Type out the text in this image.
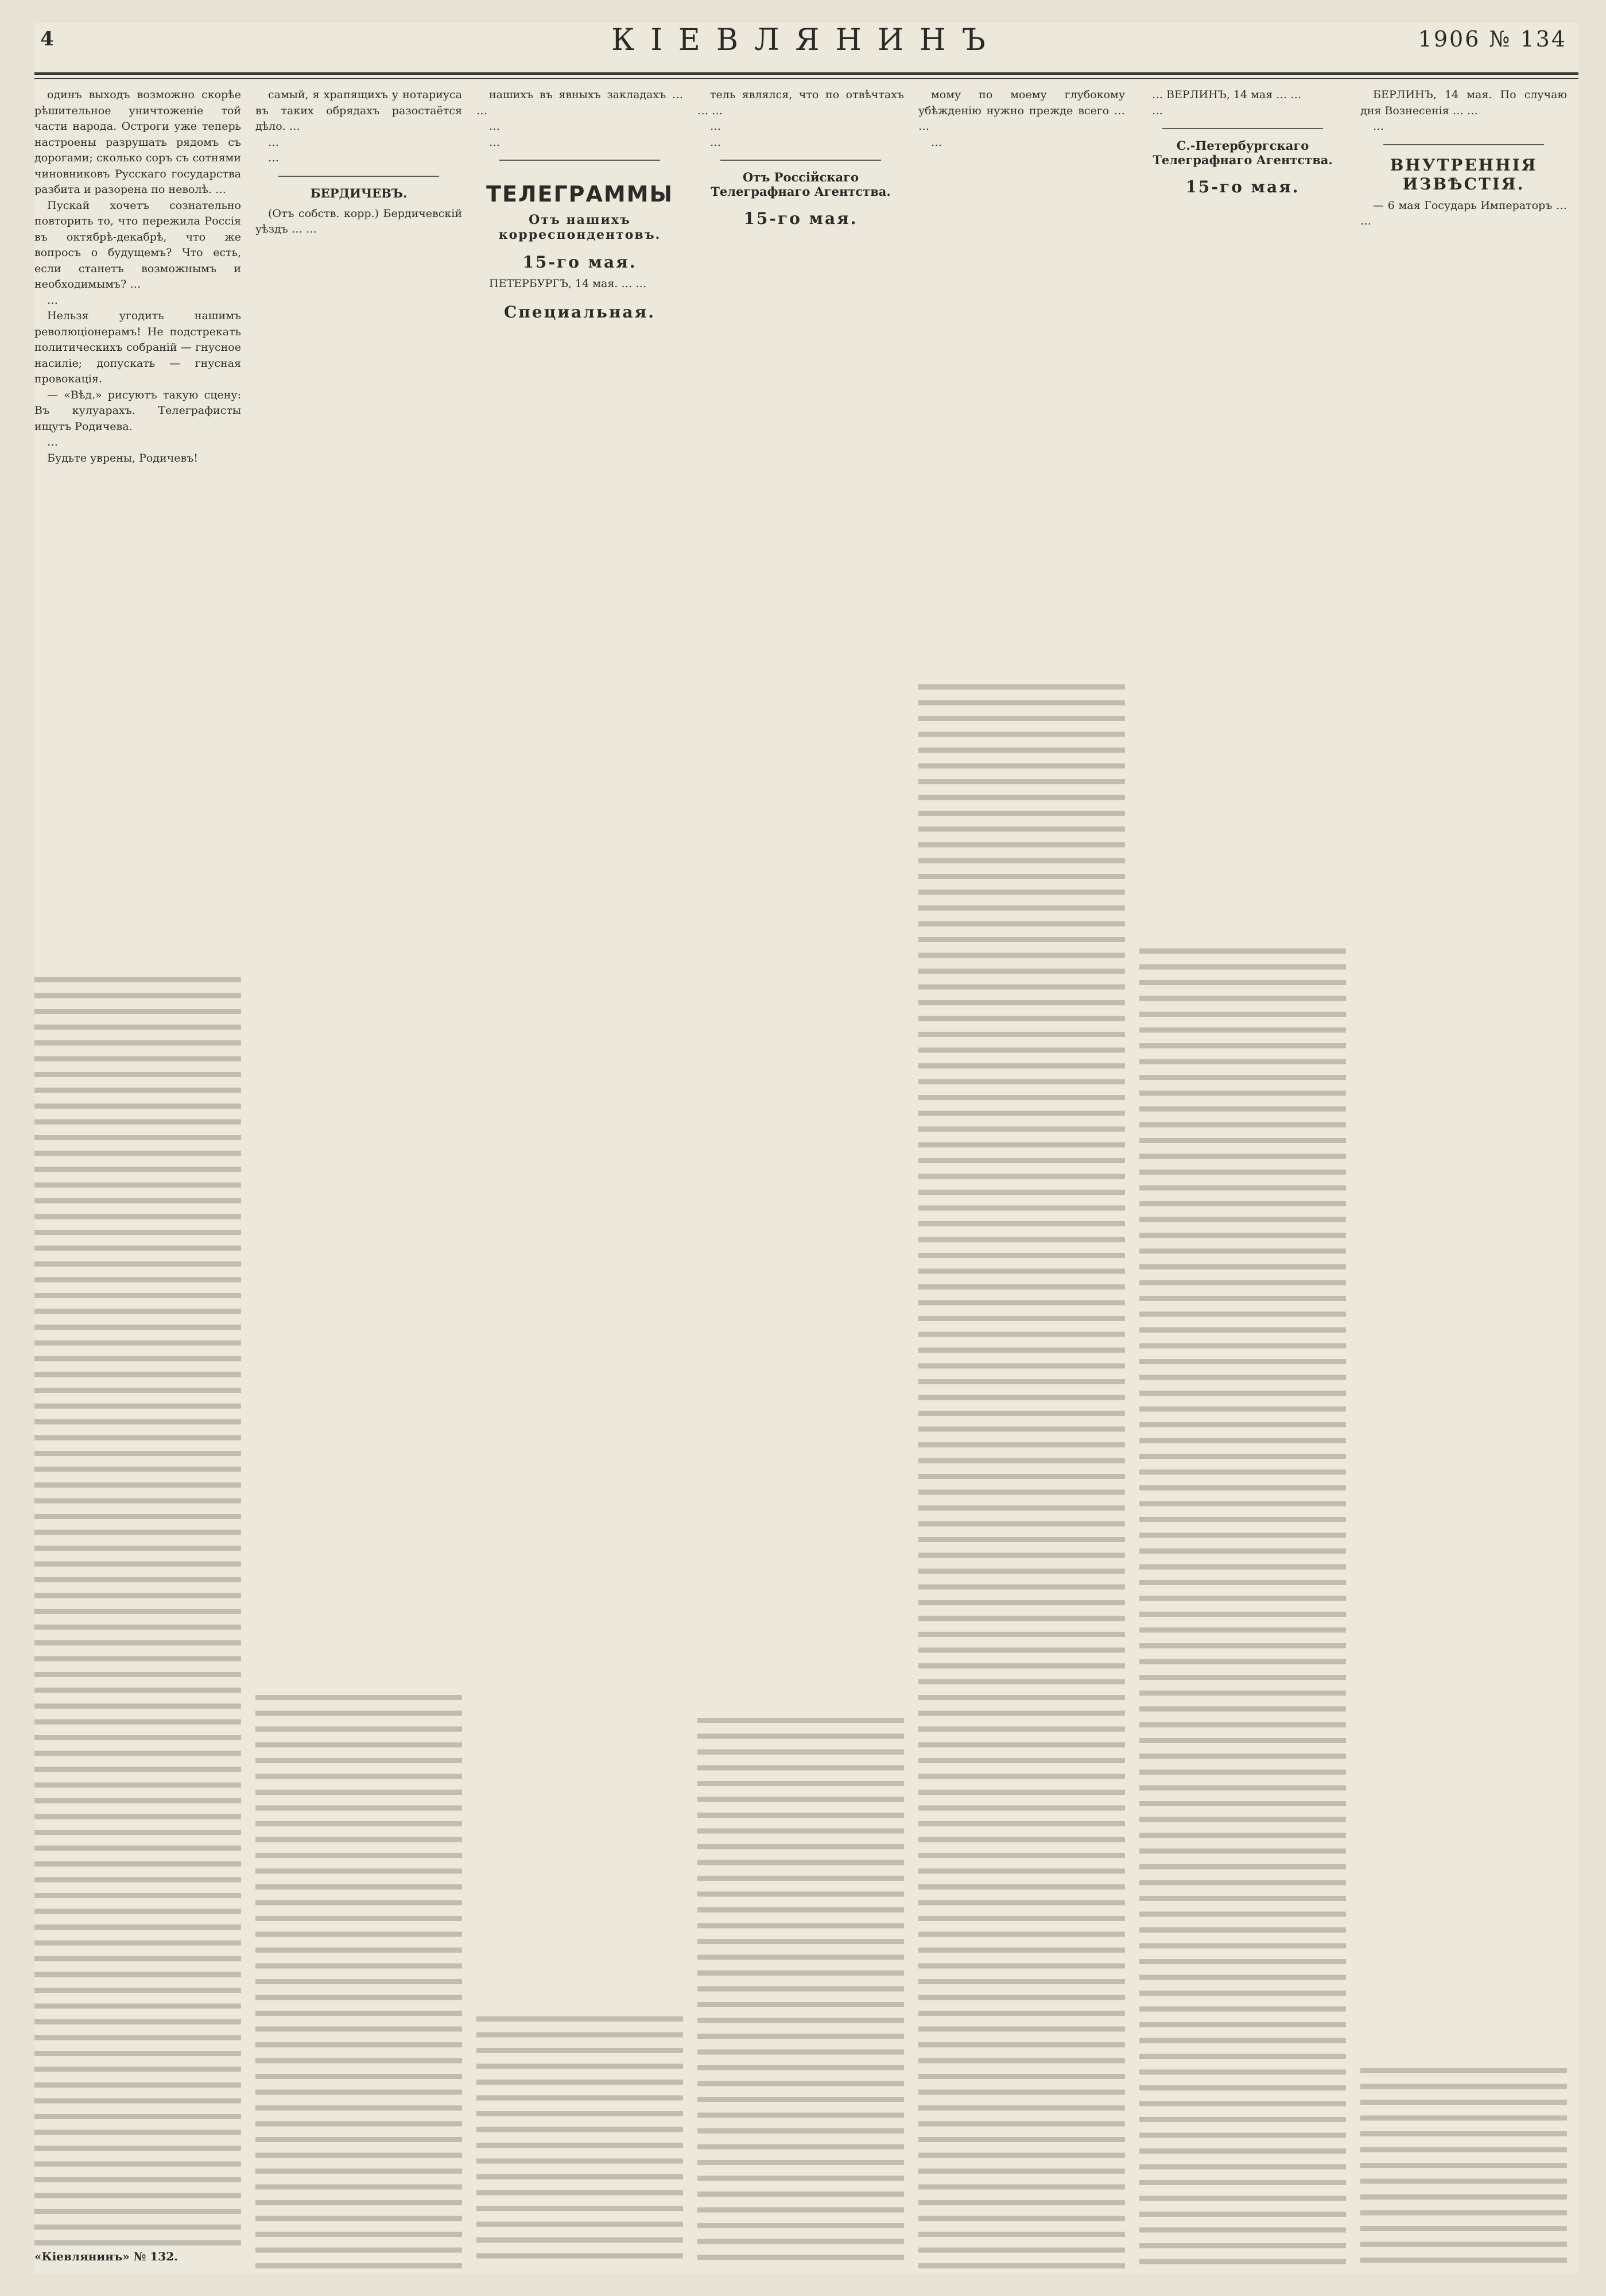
4	КIЕВЛЯНИНЪ	1906 № 134

одинъ выходъ возможно скорѣе рѣшительное уничтоженiе той части народа. Остроги уже теперь настроены разрушать рядомъ съ дорогами; сколько соръ съ сотнями чиновниковъ Русскаго государства разбита и разорена по неволѣ. …

Пускай хочетъ сознательно повторить то, что пережила Россiя въ октябрѣ-декабрѣ, что же вопросъ о будущемъ? Что есть, если станетъ возможнымъ и необходимымъ? …

…

Нельзя угодить нашимъ революцiонерамъ! Не подстрекать политическихъ собраній — гнусное насиліе; допускать — гнусная провокація.

— «Вѣд.» рисуютъ такую сцену: Въ кулуарахъ. Телеграфисты ищутъ Родичева.

…

Будьте уврены, Родичевъ!

«Кіевлянинъ» № 132.

самый, я храпящихъ у нотариуса въ таких обрядахъ разостаётся дѣло. …

…

…

БЕРДИЧЕВЪ.

(Отъ собств. корр.) Бердичевскій уѣздъ … …

нашихъ въ явныхъ закладахъ … …

…

…

ТЕЛЕГРАММЫ
Отъ нашихъ корреспондентовъ.
15-го мая.

ПЕТЕРБУРГЪ, 14 мая. … …

Специальная.

тель являлся, что по отвѣчтахъ … …

…

…

Отъ Россійскаго Телеграфнаго Агентства.
15-го мая.

мому по моему глубокому убѣжденію нужно прежде всего … …

…

… ВЕРЛИНЪ, 14 мая … …

…

С.-Петербургскаго Телеграфнаго Агентства.
15-го мая.

БЕРЛИНЪ, 14 мая. По случаю дня Вознесенія … …

…

ВНУТРЕННІЯ ИЗВѢСТІЯ.

— 6 мая Государь Императоръ … …
